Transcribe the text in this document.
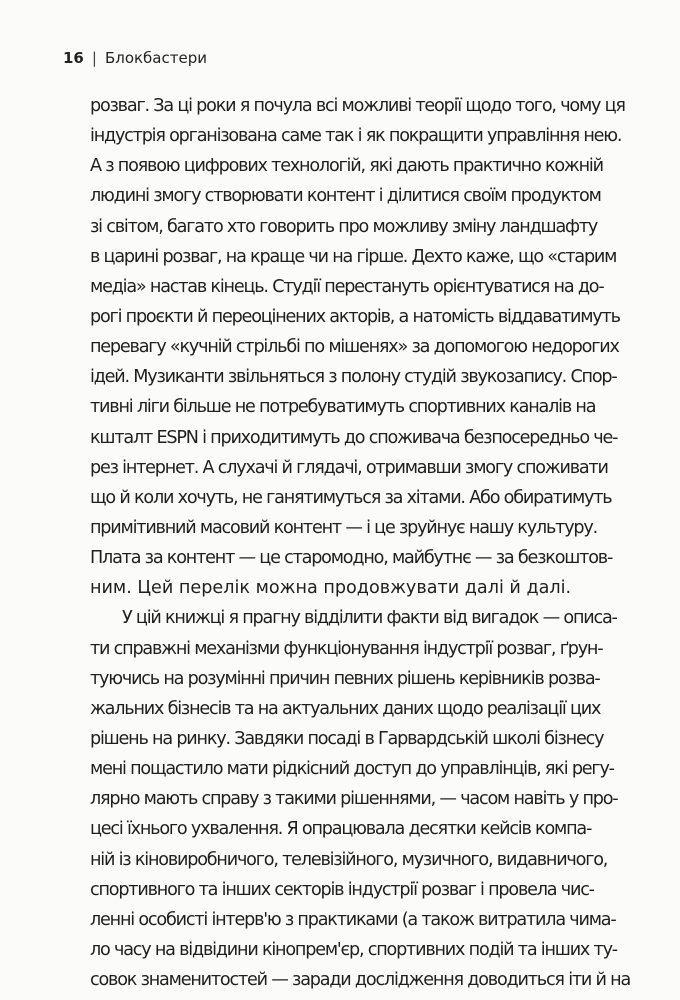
16 | Блокбастери
розваг. За ці роки я почула всі можливі теорії щодо того, чому ця
індустрія організована саме так і як покращити управління нею.
А з появою цифрових технологій, які дають практично кожній
людині змогу створювати контент і ділитися своїм продуктом
зі світом, багато хто говорить про можливу зміну ландшафту
в царині розваг, на краще чи на гірше. Дехто каже, що «старим
медіа» настав кінець. Студії перестануть орієнтуватися на до-
рогі проєкти й переоцінених акторів, а натомість віддаватимуть
перевагу «кучній стрільбі по мішенях» за допомогою недорогих
ідей. Музиканти звільняться з полону студій звукозапису. Спор-
тивні ліги більше не потребуватимуть спортивних каналів на
кшталт ESPN і приходитимуть до споживача безпосередньо че-
рез інтернет. А слухачі й глядачі, отримавши змогу споживати
що й коли хочуть, не ганятимуться за хітами. Або обиратимуть
примітивний масовий контент — і це зруйнує нашу культуру.
Плата за контент — це старомодно, майбутнє — за безкоштов-
ним. Цей перелік можна продовжувати далі й далі.
У цій книжці я прагну відділити факти від вигадок — описа-
ти справжні механізми функціонування індустрії розваг, ґрун-
туючись на розумінні причин певних рішень керівників розва-
жальних бізнесів та на актуальних даних щодо реалізації цих
рішень на ринку. Завдяки посаді в Гарвардській школі бізнесу
мені пощастило мати рідкісний доступ до управлінців, які регу-
лярно мають справу з такими рішеннями, — часом навіть у про-
цесі їхнього ухвалення. Я опрацювала десятки кейсів компа-
ній із кіновиробничого, телевізійного, музичного, видавничого,
спортивного та інших секторів індустрії розваг і провела чис-
ленні особисті інтерв'ю з практиками (а також витратила чима-
ло часу на відвідини кінопрем'єр, спортивних подій та інших ту-
совок знаменитостей — заради дослідження доводиться іти й на
